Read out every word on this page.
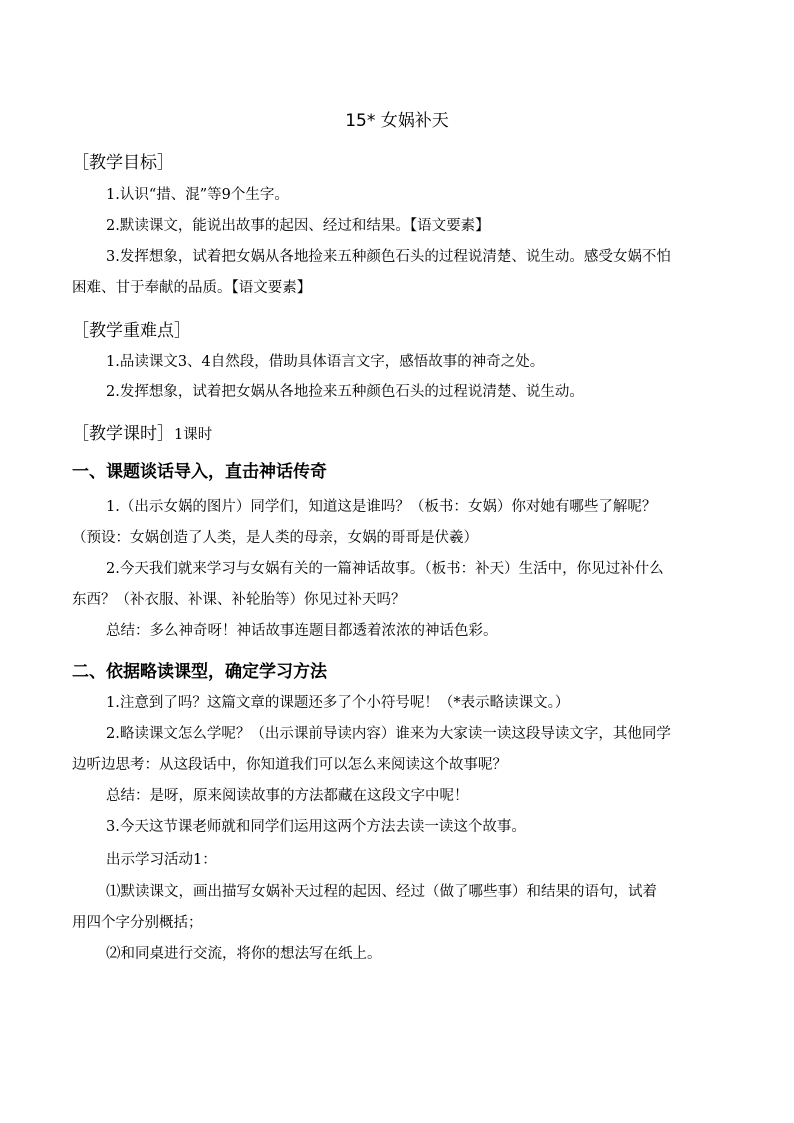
15* 女娲补天
［教学目标］
1.认识“措、混”等9个生字。
2.默读课文，能说出故事的起因、经过和结果。【语文要素】
3.发挥想象，试着把女娲从各地捡来五种颜色石头的过程说清楚、说生动。感受女娲不怕
困难、甘于奉献的品质。【语文要素】
［教学重难点］
1.品读课文3、4自然段，借助具体语言文字，感悟故事的神奇之处。
2.发挥想象，试着把女娲从各地捡来五种颜色石头的过程说清楚、说生动。
［教学课时］1课时
一、课题谈话导入，直击神话传奇
1.（出示女娲的图片）同学们，知道这是谁吗？（板书：女娲）你对她有哪些了解呢？
（预设：女娲创造了人类，是人类的母亲，女娲的哥哥是伏羲）
2.今天我们就来学习与女娲有关的一篇神话故事。（板书：补天）生活中，你见过补什么
东西？（补衣服、补课、补轮胎等）你见过补天吗？
总结：多么神奇呀！神话故事连题目都透着浓浓的神话色彩。
二、依据略读课型，确定学习方法
1.注意到了吗？这篇文章的课题还多了个小符号呢！（*表示略读课文。）
2.略读课文怎么学呢？（出示课前导读内容）谁来为大家读一读这段导读文字，其他同学
边听边思考：从这段话中，你知道我们可以怎么来阅读这个故事呢？
总结：是呀，原来阅读故事的方法都藏在这段文字中呢！
3.今天这节课老师就和同学们运用这两个方法去读一读这个故事。
出示学习活动1：
⑴默读课文，画出描写女娲补天过程的起因、经过（做了哪些事）和结果的语句，试着
用四个字分别概括；
⑵和同桌进行交流，将你的想法写在纸上。
